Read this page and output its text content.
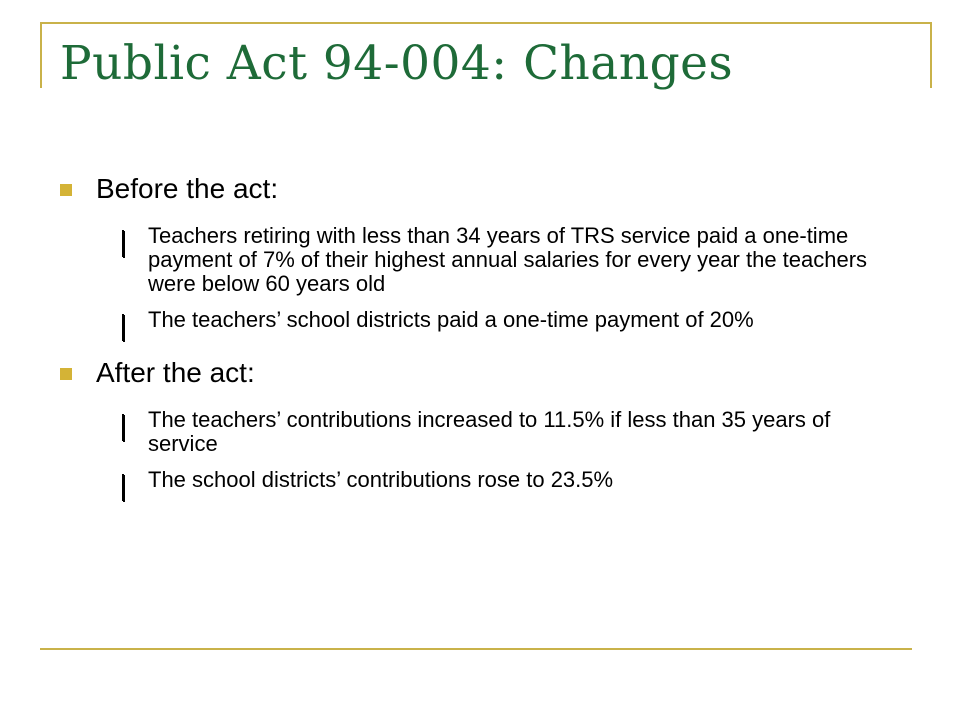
Public Act 94-004: Changes
Before the act:
Teachers retiring with less than 34 years of TRS service paid a one-time payment of 7% of their highest annual salaries for every year the teachers were below 60 years old
The teachers’ school districts paid a one-time payment of 20%
After the act:
The teachers’ contributions increased to 11.5% if less than 35 years of service
The school districts’ contributions rose to 23.5%
